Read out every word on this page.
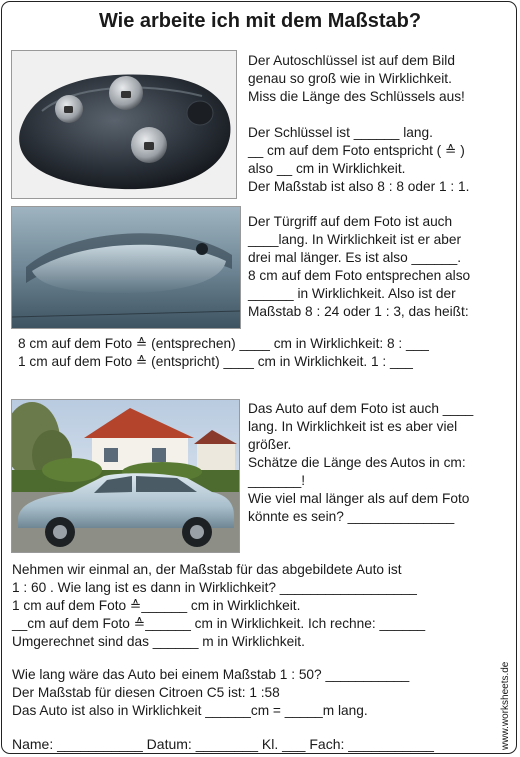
Wie arbeite ich mit dem Maßstab?
Der Autoschlüssel ist auf dem Bild
genau so groß wie in Wirklichkeit.
Miss die Länge des Schlüssels aus!
Der Schlüssel ist ______ lang.
__ cm auf dem Foto entspricht ( ≙ )
also __ cm in Wirklichkeit.
Der Maßstab ist also 8 : 8 oder 1 : 1.
Der Türgriff auf dem Foto ist auch
____lang. In Wirklichkeit ist er aber
drei mal länger. Es ist also ______.
8 cm auf dem Foto entsprechen also
______ in Wirklichkeit. Also ist der
Maßstab 8 : 24 oder 1 : 3, das heißt:
8 cm auf dem Foto ≙ (entsprechen) ____ cm in Wirklichkeit: 8 : ___
1 cm auf dem Foto ≙ (entspricht) ____ cm in Wirklichkeit. 1 : ___
Das Auto auf dem Foto ist auch ____
lang. In Wirklichkeit ist es aber viel
größer.
Schätze die Länge des Autos in cm:
_______!
Wie viel mal länger als auf dem Foto
könnte es sein? ______________
Nehmen wir einmal an, der Maßstab für das abgebildete Auto ist
1 : 60 . Wie lang ist es dann in Wirklichkeit? __________________
1 cm auf dem Foto ≙______ cm in Wirklichkeit.
__cm auf dem Foto ≙______ cm in Wirklichkeit. Ich rechne: ______
Umgerechnet sind das ______ m in Wirklichkeit.
Wie lang wäre das Auto bei einem Maßstab 1 : 50? ___________
Der Maßstab für diesen Citroen C5 ist: 1 :58
Das Auto ist also in Wirklichkeit ______cm = _____m lang.
Name: ___________ Datum: ________ Kl. ___ Fach: ___________	www.worksheets.de
